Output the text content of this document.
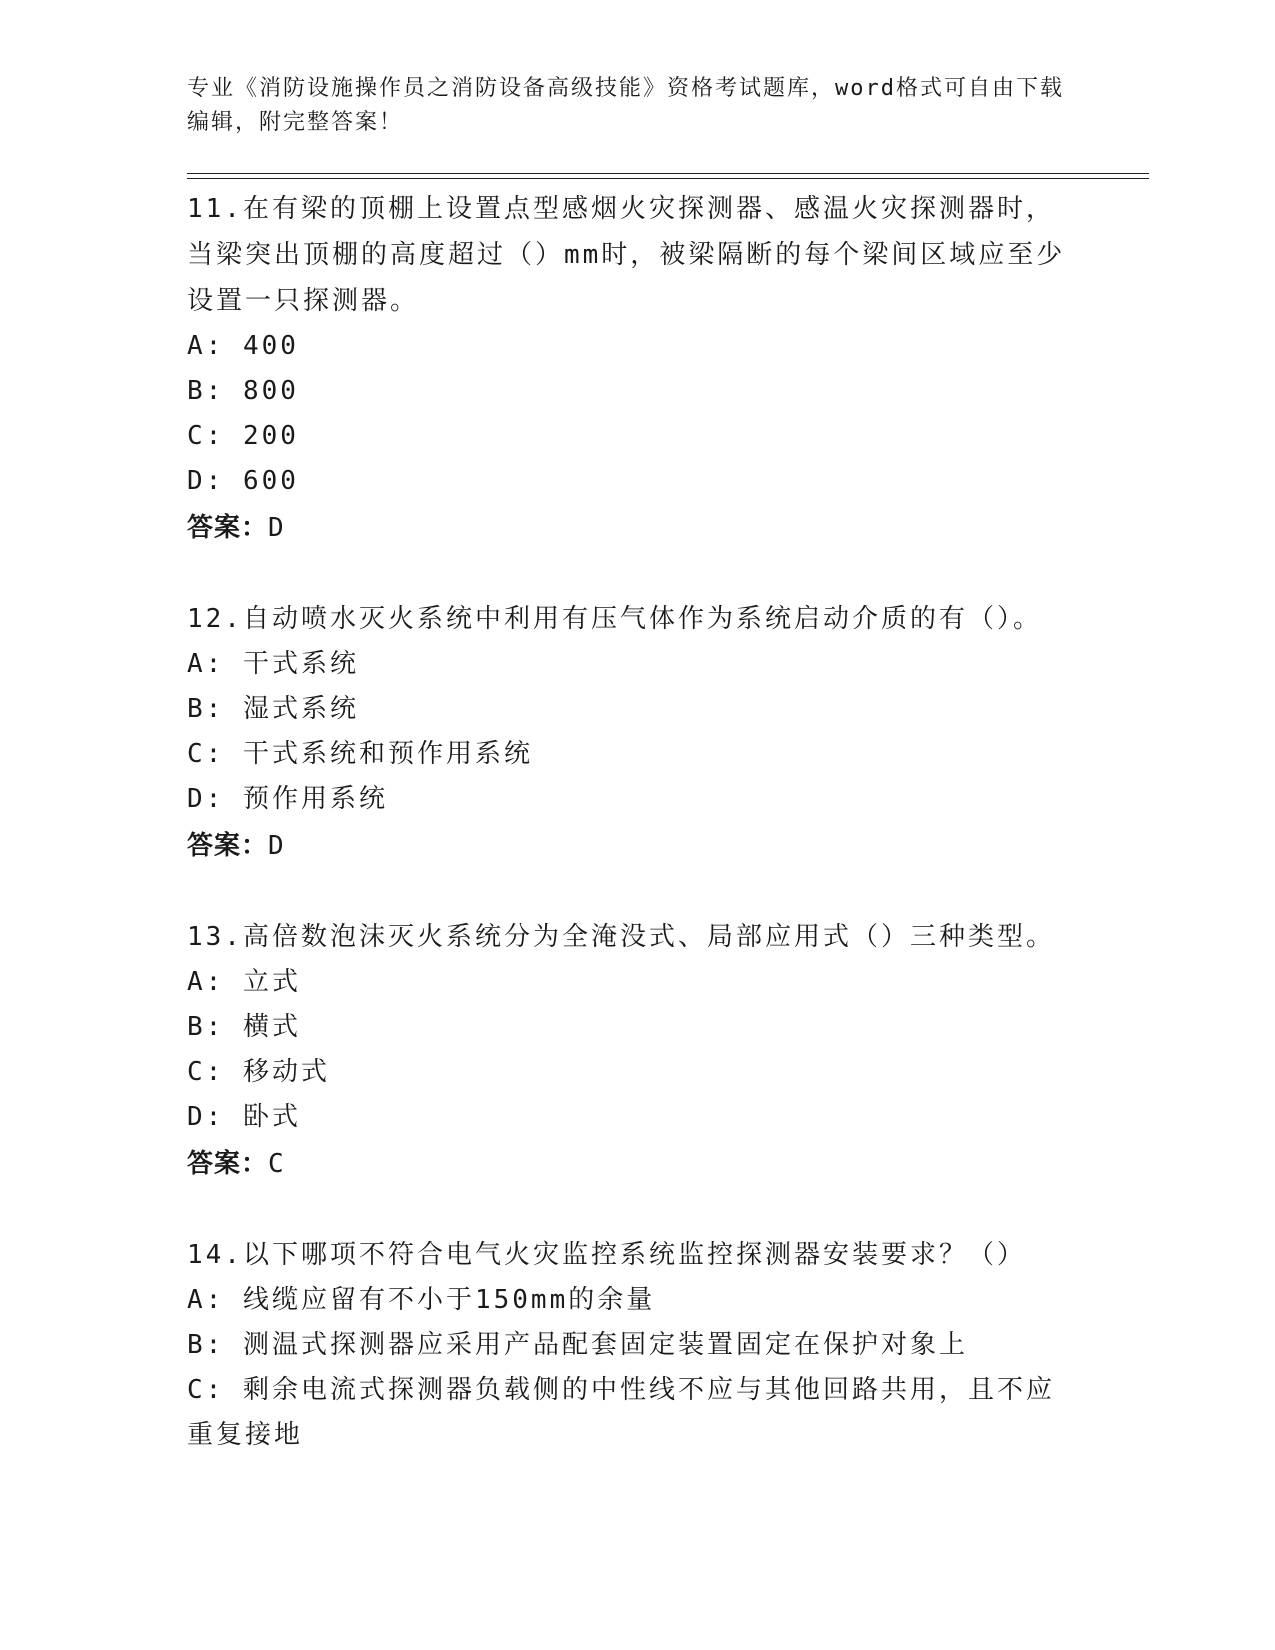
专业《消防设施操作员之消防设备高级技能》资格考试题库，word格式可自由下载编辑，附完整答案！

11.在有梁的顶棚上设置点型感烟火灾探测器、感温火灾探测器时，当梁突出顶棚的高度超过（）mm时，被梁隔断的每个梁间区域应至少设置一只探测器。

A: 400

B: 800

C: 200

D: 600

答案：D

12.自动喷水灭火系统中利用有压气体作为系统启动介质的有（）。

A: 干式系统

B: 湿式系统

C: 干式系统和预作用系统

D: 预作用系统

答案：D

13.高倍数泡沫灭火系统分为全淹没式、局部应用式（）三种类型。

A: 立式

B: 横式

C: 移动式

D: 卧式

答案：C

14.以下哪项不符合电气火灾监控系统监控探测器安装要求？（）

A: 线缆应留有不小于150mm的余量

B: 测温式探测器应采用产品配套固定装置固定在保护对象上

C: 剩余电流式探测器负载侧的中性线不应与其他回路共用，且不应重复接地
